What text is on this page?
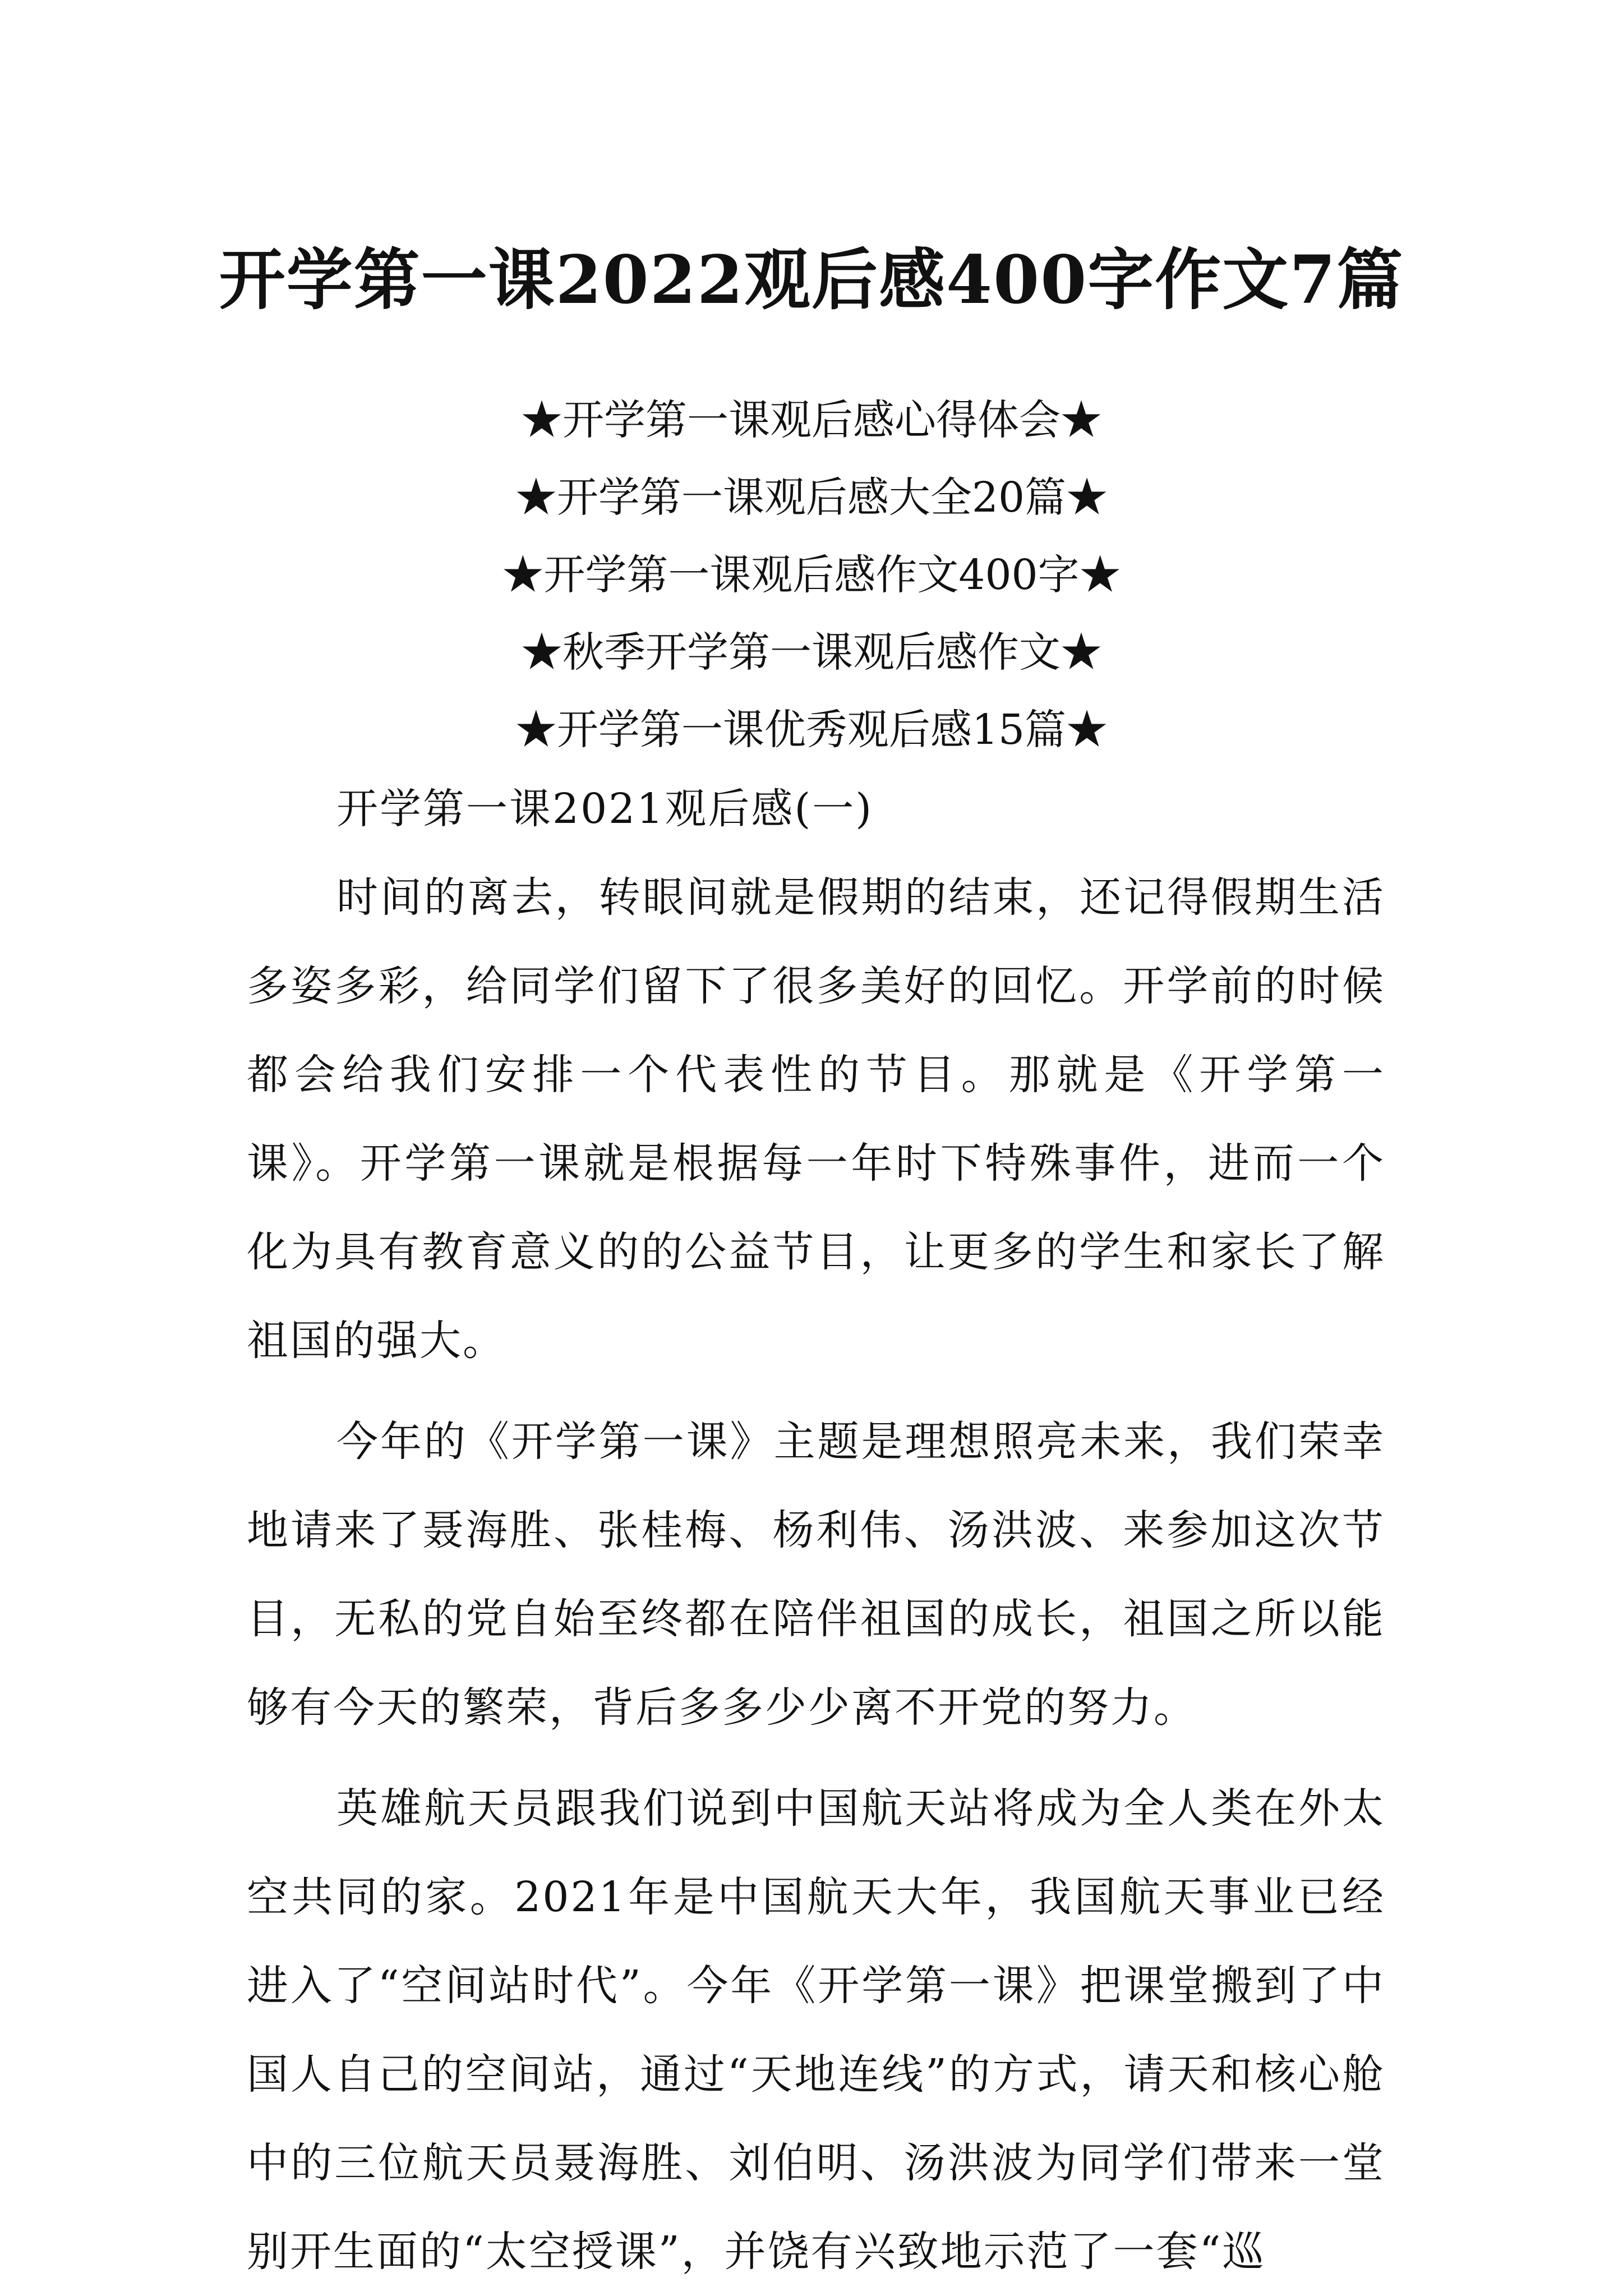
开学第一课2022观后感400字作文7篇
★开学第一课观后感心得体会★
★开学第一课观后感大全20篇★
★开学第一课观后感作文400字★
★秋季开学第一课观后感作文★
★开学第一课优秀观后感15篇★

开学第一课2021观后感(一)

时间的离去，转眼间就是假期的结束，还记得假期生活多姿多彩，给同学们留下了很多美好的回忆。开学前的时候都会给我们安排一个代表性的节目。那就是《开学第一课》。开学第一课就是根据每一年时下特殊事件，进而一个化为具有教育意义的的公益节目，让更多的学生和家长了解祖国的强大。

今年的《开学第一课》主题是理想照亮未来，我们荣幸地请来了聂海胜、张桂梅、杨利伟、汤洪波、来参加这次节目，无私的党自始至终都在陪伴祖国的成长，祖国之所以能够有今天的繁荣，背后多多少少离不开党的努力。

英雄航天员跟我们说到中国航天站将成为全人类在外太空共同的家。2021年是中国航天大年，我国航天事业已经进入了“空间站时代”。今年《开学第一课》把课堂搬到了中国人自己的空间站，通过“天地连线”的方式，请天和核心舱中的三位航天员聂海胜、刘伯明、汤洪波为同学们带来一堂别开生面的“太空授课”，并饶有兴致地示范了一套“巡
